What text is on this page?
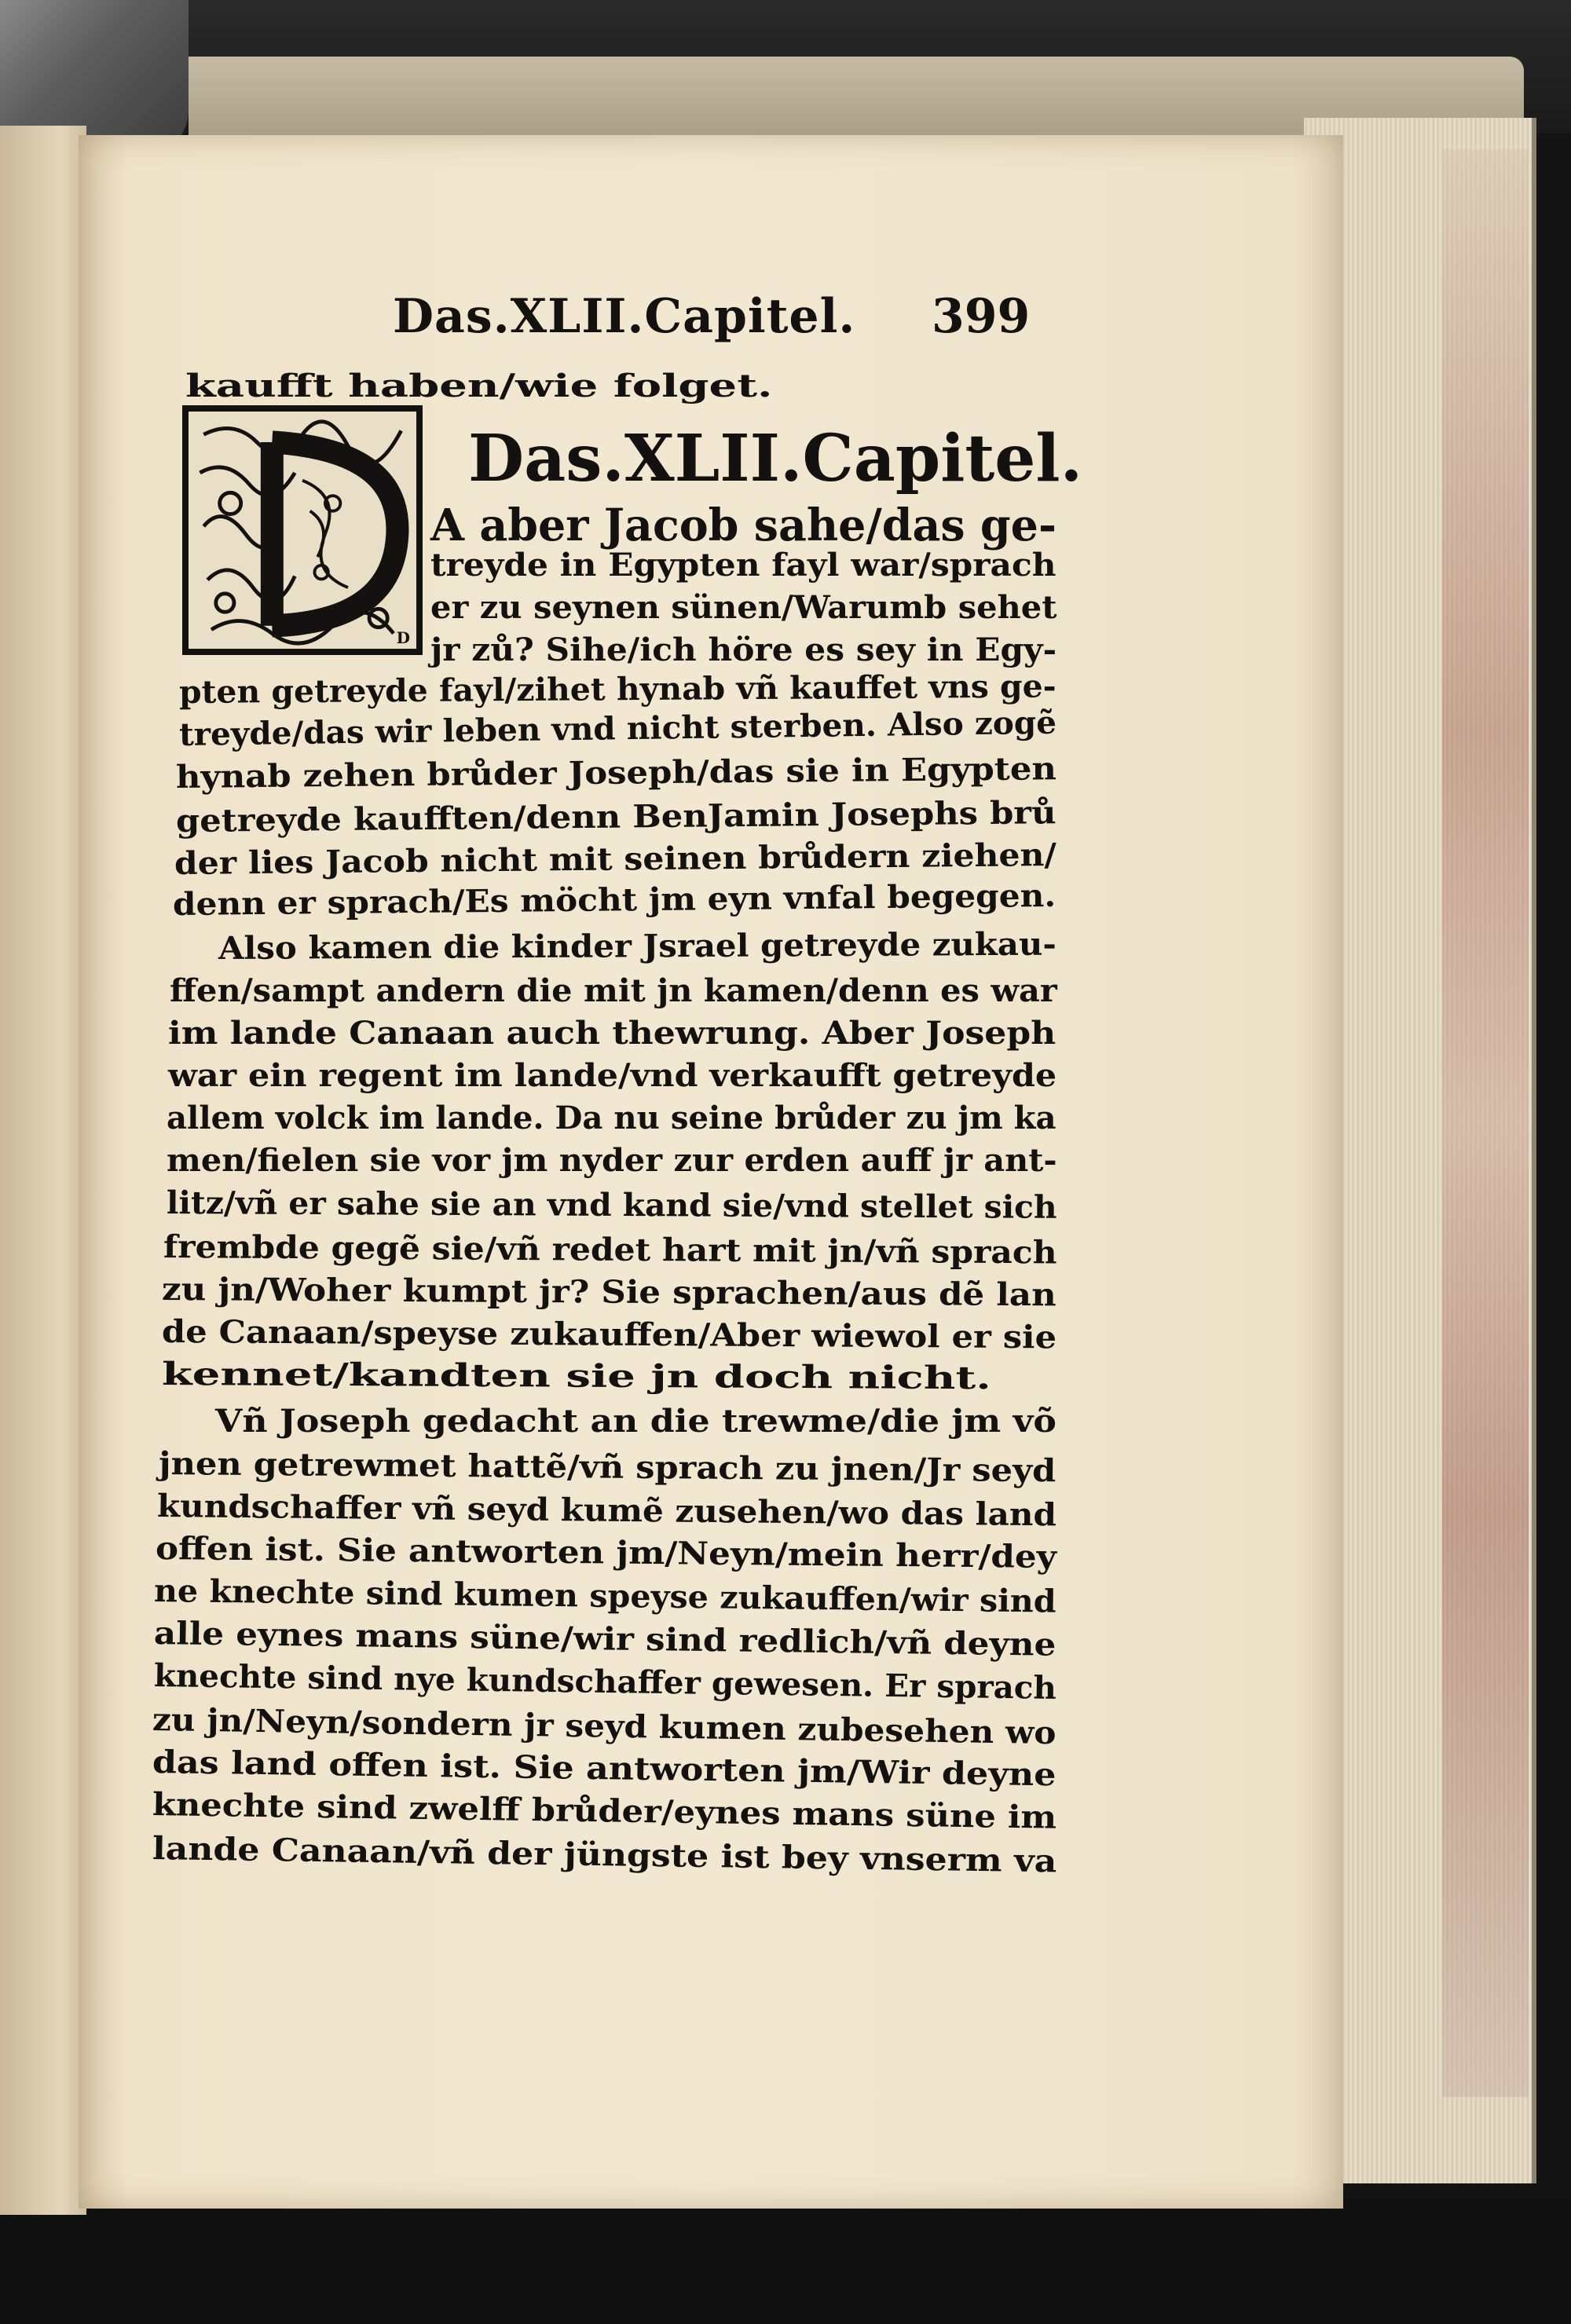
Das.XLII.Capitel. 399
kaufft haben/wie folget.
D
Das.XLII.Capitel.
A aber Jacob sahe/das ge-
treyde in Egypten fayl war/sprach
er zu seynen sünen/Warumb sehet
jr zů? Sihe/ich höre es sey in Egy-
pten getreyde fayl/zihet hynab vñ kauffet vns ge-
treyde/das wir leben vnd nicht sterben. Also zogẽ
hynab zehen brůder Joseph/das sie in Egypten
getreyde kaufften/denn BenJamin Josephs brů
der lies Jacob nicht mit seinen brůdern ziehen/
denn er sprach/Es möcht jm eyn vnfal begegen.
Also kamen die kinder Jsrael getreyde zukau-
ffen/sampt andern die mit jn kamen/denn es war
im lande Canaan auch thewrung. Aber Joseph
war ein regent im lande/vnd verkaufft getreyde
allem volck im lande. Da nu seine brůder zu jm ka
men/fielen sie vor jm nyder zur erden auff jr ant-
litz/vñ er sahe sie an vnd kand sie/vnd stellet sich
frembde gegẽ sie/vñ redet hart mit jn/vñ sprach
zu jn/Woher kumpt jr? Sie sprachen/aus dẽ lan
de Canaan/speyse zukauffen/Aber wiewol er sie
kennet/kandten sie jn doch nicht.
Vñ Joseph gedacht an die trewme/die jm võ
jnen getrewmet hattẽ/vñ sprach zu jnen/Jr seyd
kundschaffer vñ seyd kumẽ zusehen/wo das land
offen ist. Sie antworten jm/Neyn/mein herr/dey
ne knechte sind kumen speyse zukauffen/wir sind
alle eynes mans süne/wir sind redlich/vñ deyne
knechte sind nye kundschaffer gewesen. Er sprach
zu jn/Neyn/sondern jr seyd kumen zubesehen wo
das land offen ist. Sie antworten jm/Wir deyne
knechte sind zwelff brůder/eynes mans süne im
lande Canaan/vñ der jüngste ist bey vnserm va
